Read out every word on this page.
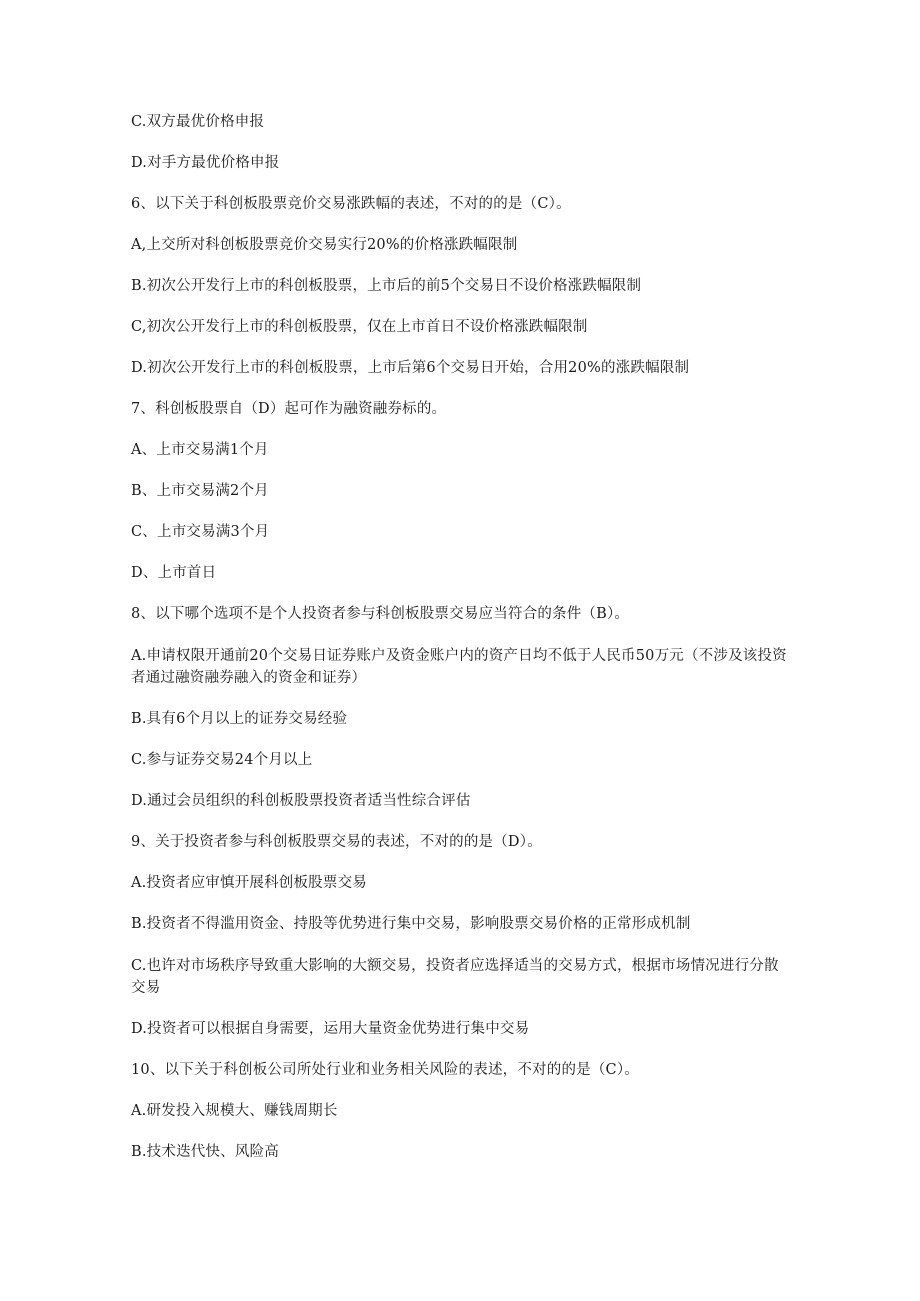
C.双方最优价格申报
D.对手方最优价格申报
6、以下关于科创板股票竞价交易涨跌幅的表述，不对的的是（C）。
A,上交所对科创板股票竞价交易实行20%的价格涨跌幅限制
B.初次公开发行上市的科创板股票，上市后的前5个交易日不设价格涨跌幅限制
C,初次公开发行上市的科创板股票，仅在上市首日不设价格涨跌幅限制
D.初次公开发行上市的科创板股票，上市后第6个交易日开始，合用20%的涨跌幅限制
7、科创板股票自（D）起可作为融资融券标的。
A、上市交易满1个月
B、上市交易满2个月
C、上市交易满3个月
D、上市首日
8、以下哪个选项不是个人投资者参与科创板股票交易应当符合的条件（B）。
A.申请权限开通前20个交易日证券账户及资金账户内的资产日均不低于人民币50万元（不涉及该投资者通过融资融券融入的资金和证券）
B.具有6个月以上的证券交易经验
C.参与证券交易24个月以上
D.通过会员组织的科创板股票投资者适当性综合评估
9、关于投资者参与科创板股票交易的表述，不对的的是（D）。
A.投资者应审慎开展科创板股票交易
B.投资者不得滥用资金、持股等优势进行集中交易，影响股票交易价格的正常形成机制
C.也许对市场秩序导致重大影响的大额交易，投资者应选择适当的交易方式，根据市场情况进行分散交易
D.投资者可以根据自身需要，运用大量资金优势进行集中交易
10、以下关于科创板公司所处行业和业务相关风险的表述，不对的的是（C）。
A.研发投入规模大、赚钱周期长
B.技术迭代快、风险高
